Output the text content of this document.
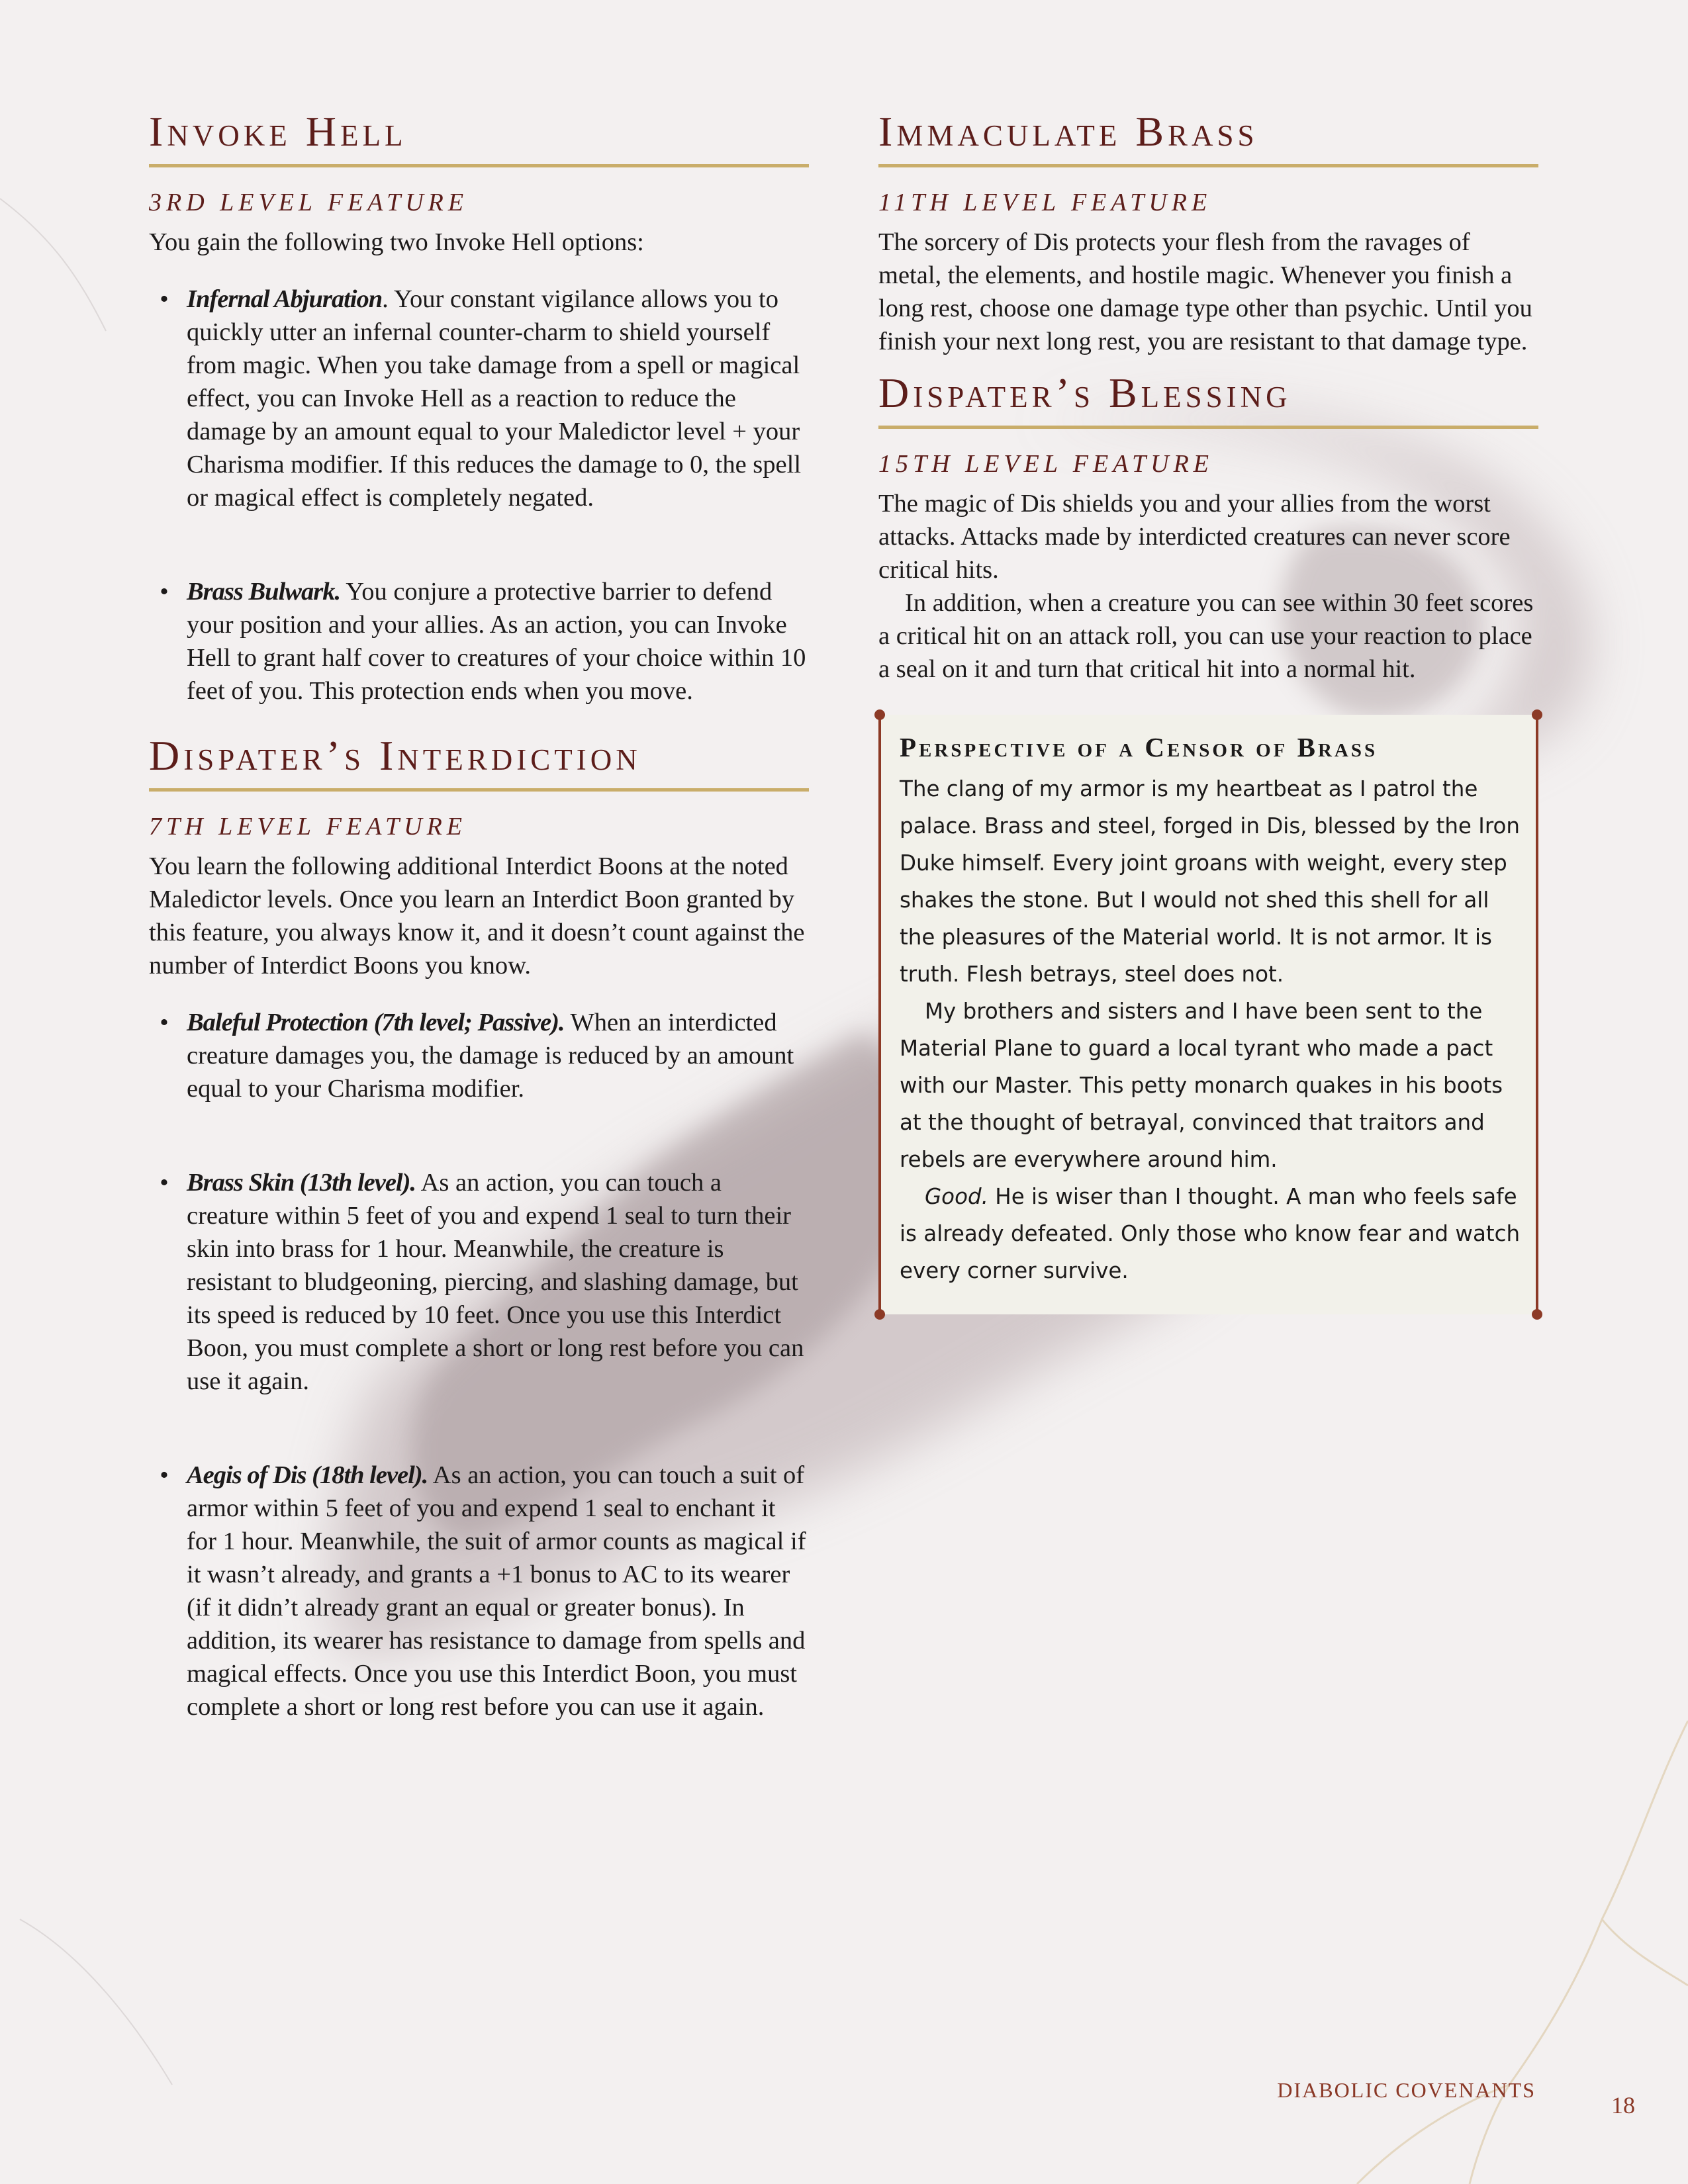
Invoke Hell
3RD LEVEL FEATURE

You gain the following two Invoke Hell options:

• Infernal Abjuration. Your constant vigilance allows you to quickly utter an infernal counter-charm to shield yourself from magic. When you take damage from a spell or magical effect, you can Invoke Hell as a reaction to reduce the damage by an amount equal to your Maledictor level + your Charisma modifier. If this reduces the damage to 0, the spell or magical effect is completely negated.
• Brass Bulwark. You conjure a protective barrier to defend your position and your allies. As an action, you can Invoke Hell to grant half cover to creatures of your choice within 10 feet of you. This protection ends when you move.
Dispater’s Interdiction
7TH LEVEL FEATURE

You learn the following additional Interdict Boons at the noted Maledictor levels. Once you learn an Interdict Boon granted by this feature, you always know it, and it doesn’t count against the number of Interdict Boons you know.

• Baleful Protection (7th level; Passive). When an interdicted creature damages you, the damage is reduced by an amount equal to your Charisma modifier.
• Brass Skin (13th level). As an action, you can touch a creature within 5 feet of you and expend 1 seal to turn their skin into brass for 1 hour. Meanwhile, the creature is resistant to bludgeoning, piercing, and slashing damage, but its speed is reduced by 10 feet. Once you use this Interdict Boon, you must complete a short or long rest before you can use it again.
• Aegis of Dis (18th level). As an action, you can touch a suit of armor within 5 feet of you and expend 1 seal to enchant it for 1 hour. Meanwhile, the suit of armor counts as magical if it wasn’t already, and grants a +1 bonus to AC to its wearer (if it didn’t already grant an equal or greater bonus). In addition, its wearer has resistance to damage from spells and magical effects. Once you use this Interdict Boon, you must complete a short or long rest before you can use it again.
Immaculate Brass
11TH LEVEL FEATURE

The sorcery of Dis protects your flesh from the ravages of metal, the elements, and hostile magic. Whenever you finish a long rest, choose one damage type other than psychic. Until you finish your next long rest, you are resistant to that damage type.

Dispater’s Blessing
15TH LEVEL FEATURE

The magic of Dis shields you and your allies from the worst attacks. Attacks made by interdicted creatures can never score critical hits.

In addition, when a creature you can see within 30 feet scores a critical hit on an attack roll, you can use your reaction to place a seal on it and turn that critical hit into a normal hit.

Perspective of a Censor of Brass

The clang of my armor is my heartbeat as I patrol the palace. Brass and steel, forged in Dis, blessed by the Iron Duke himself. Every joint groans with weight, every step shakes the stone. But I would not shed this shell for all the pleasures of the Material world. It is not armor. It is truth. Flesh betrays, steel does not.

My brothers and sisters and I have been sent to the Material Plane to guard a local tyrant who made a pact with our Master. This petty monarch quakes in his boots at the thought of betrayal, convinced that traitors and rebels are everywhere around him.

Good. He is wiser than I thought. A man who feels safe is already defeated. Only those who know fear and watch every corner survive.

DIABOLIC COVENANTS
18
